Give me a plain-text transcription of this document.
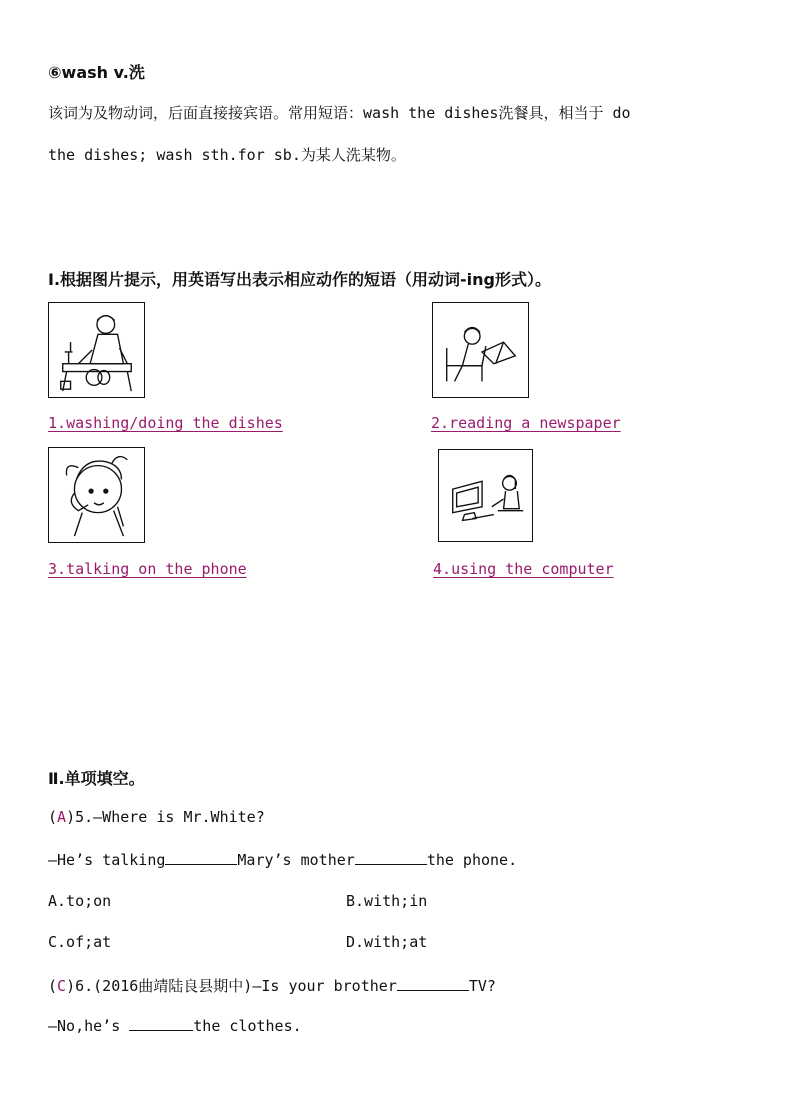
⑥wash v.洗
该词为及物动词，后面直接接宾语。常用短语：wash the dishes洗餐具，相当于 do
the dishes; wash sth.for sb.为某人洗某物。
Ⅰ.根据图片提示，用英语写出表示相应动作的短语（用动词-ing形式）。
1.washing/doing the dishes	2.reading a newspaper
3.talking on the phone	4.using the computer
Ⅱ.单项填空。
(A)5.—Where is Mr.White?
—He’s talking	Mary’s mother	the phone.
A.to;on	B.with;in
C.of;at	D.with;at
(C)6.(2016曲靖陆良县期中)—Is your brother	TV?
—No,he’s	the clothes.
